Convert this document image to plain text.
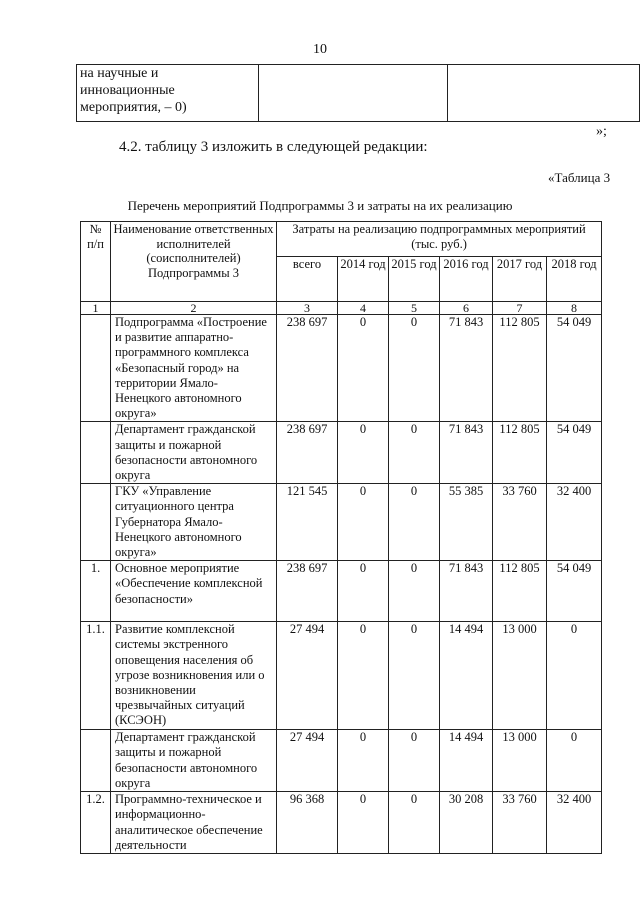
10
на научные и инновационные мероприятия, – 0)		
»;
4.2. таблицу 3 изложить в следующей редакции:
«Таблица 3
Перечень мероприятий Подпрограммы 3 и затраты на их реализацию
№ п/п	Наименование ответственных исполнителей (соисполнителей) Подпрограммы 3	Затраты на реализацию подпрограммных мероприятий (тыс. руб.)					
		всего	2014 год	2015 год	2016 год	2017 год	2018 год
1	2	3	4	5	6	7	8
	Подпрограмма «Построение и развитие аппаратно-программного комплекса «Безопасный город» на территории Ямало-Ненецкого автономного округа»	238 697	0	0	71 843	112 805	54 049
	Департамент гражданской защиты и пожарной безопасности автономного округа	238 697	0	0	71 843	112 805	54 049
	ГКУ «Управление ситуационного центра Губернатора Ямало-Ненецкого автономного округа»	121 545	0	0	55 385	33 760	32 400
1.	Основное мероприятие «Обеспечение комплексной безопасности»	238 697	0	0	71 843	112 805	54 049
1.1.	Развитие комплексной системы экстренного оповещения населения об угрозе возникновения или о возникновении чрезвычайных ситуаций (КСЭОН)	27 494	0	0	14 494	13 000	0
	Департамент гражданской защиты и пожарной безопасности автономного округа	27 494	0	0	14 494	13 000	0
1.2.	Программно-техническое и информационно-аналитическое обеспечение деятельности	96 368	0	0	30 208	33 760	32 400
